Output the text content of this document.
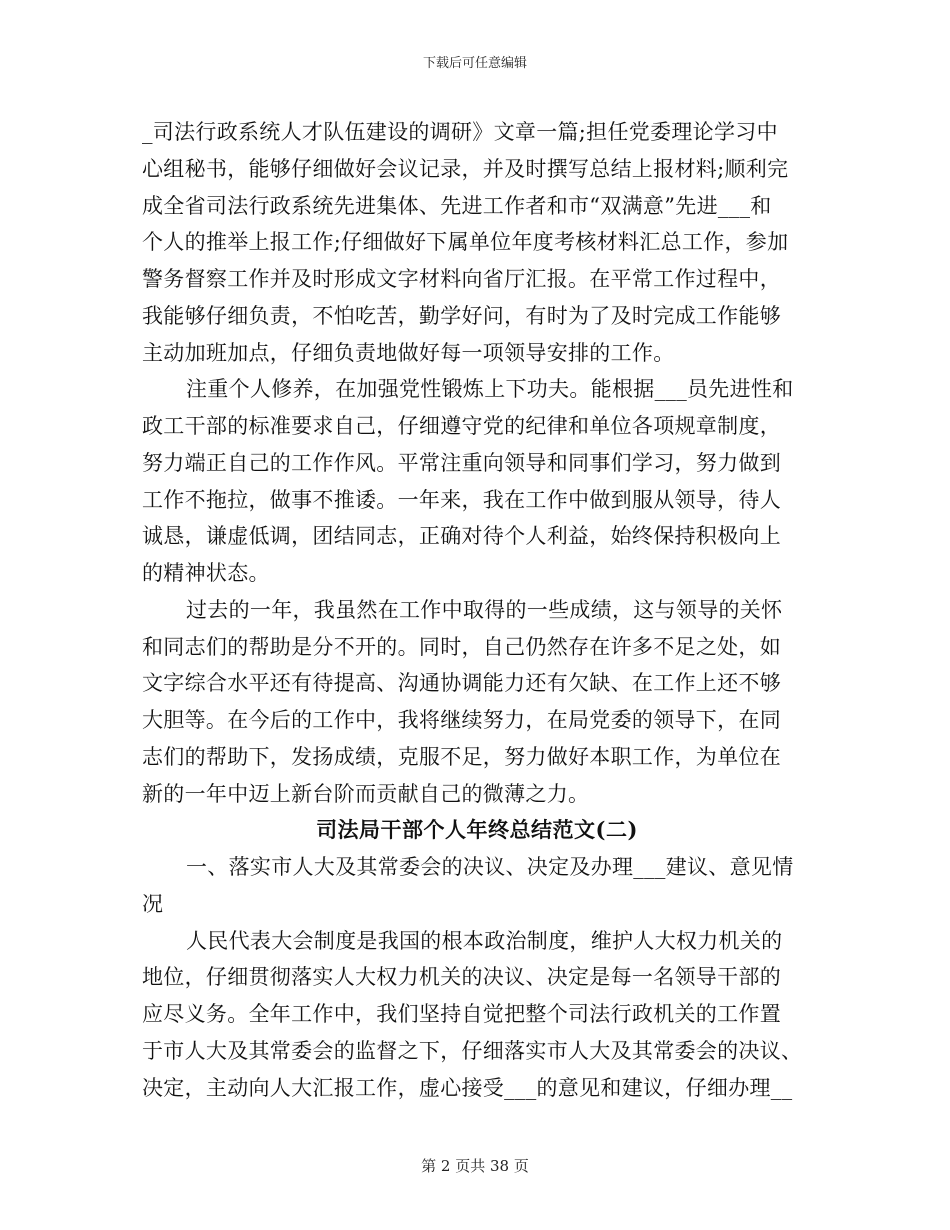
下载后可任意编辑
_司法行政系统人才队伍建设的调研》文章一篇;担任党委理论学习中
心组秘书，能够仔细做好会议记录，并及时撰写总结上报材料;顺利完
成全省司法行政系统先进集体、先进工作者和市“双满意”先进___和
个人的推举上报工作;仔细做好下属单位年度考核材料汇总工作，参加
警务督察工作并及时形成文字材料向省厅汇报。在平常工作过程中，
我能够仔细负责，不怕吃苦，勤学好问，有时为了及时完成工作能够
主动加班加点，仔细负责地做好每一项领导安排的工作。
注重个人修养，在加强党性锻炼上下功夫。能根据___员先进性和
政工干部的标准要求自己，仔细遵守党的纪律和单位各项规章制度，
努力端正自己的工作作风。平常注重向领导和同事们学习，努力做到
工作不拖拉，做事不推诿。一年来，我在工作中做到服从领导，待人
诚恳，谦虚低调，团结同志，正确对待个人利益，始终保持积极向上
的精神状态。
过去的一年，我虽然在工作中取得的一些成绩，这与领导的关怀
和同志们的帮助是分不开的。同时，自己仍然存在许多不足之处，如
文字综合水平还有待提高、沟通协调能力还有欠缺、在工作上还不够
大胆等。在今后的工作中，我将继续努力，在局党委的领导下，在同
志们的帮助下，发扬成绩，克服不足，努力做好本职工作，为单位在
新的一年中迈上新台阶而贡献自己的微薄之力。
司法局干部个人年终总结范文(二)
一、落实市人大及其常委会的决议、决定及办理___建议、意见情
况
人民代表大会制度是我国的根本政治制度，维护人大权力机关的
地位，仔细贯彻落实人大权力机关的决议、决定是每一名领导干部的
应尽义务。全年工作中，我们坚持自觉把整个司法行政机关的工作置
于市人大及其常委会的监督之下，仔细落实市人大及其常委会的决议、
决定，主动向人大汇报工作，虚心接受___的意见和建议，仔细办理__
第 2 页共 38 页
